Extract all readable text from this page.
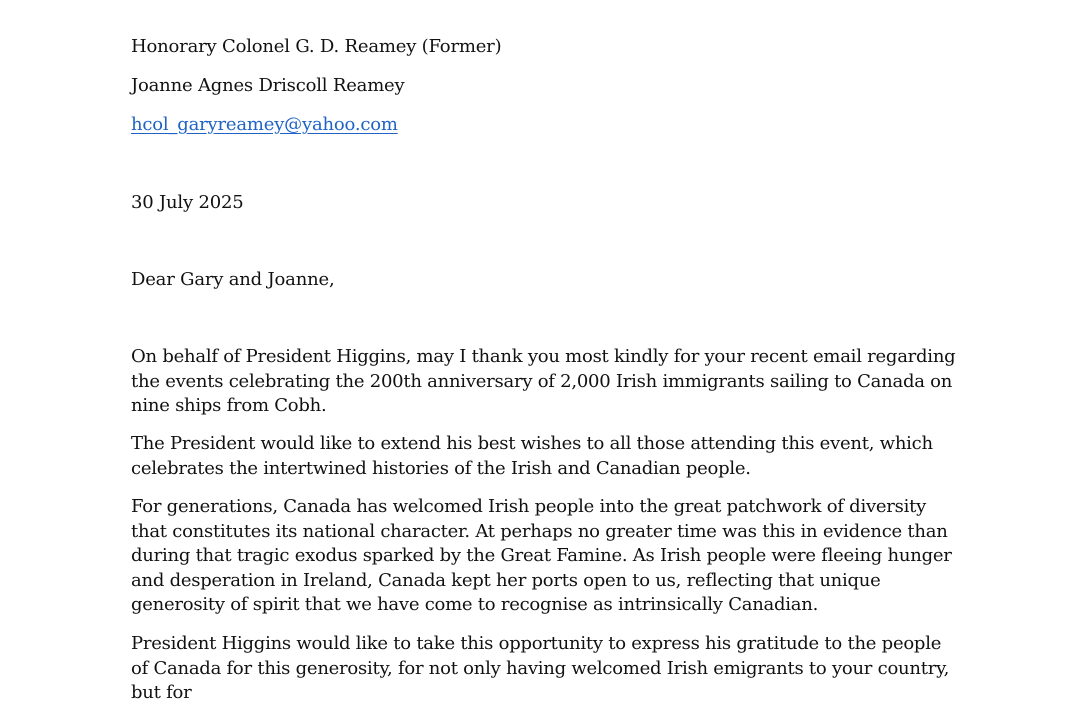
Honorary Colonel G. D. Reamey (Former)
Joanne Agnes Driscoll Reamey
hcol_garyreamey@yahoo.com
30 July 2025
Dear Gary and Joanne,
On behalf of President Higgins, may I thank you most kindly for your recent email regarding the events celebrating the 200th anniversary of 2,000 Irish immigrants sailing to Canada on nine ships from Cobh.
The President would like to extend his best wishes to all those attending this event, which celebrates the intertwined histories of the Irish and Canadian people.
For generations, Canada has welcomed Irish people into the great patchwork of diversity that constitutes its national character. At perhaps no greater time was this in evidence than during that tragic exodus sparked by the Great Famine. As Irish people were fleeing hunger and desperation in Ireland, Canada kept her ports open to us, reflecting that unique generosity of spirit that we have come to recognise as intrinsically Canadian.
President Higgins would like to take this opportunity to express his gratitude to the people of Canada for this generosity, for not only having welcomed Irish emigrants to your country, but for
